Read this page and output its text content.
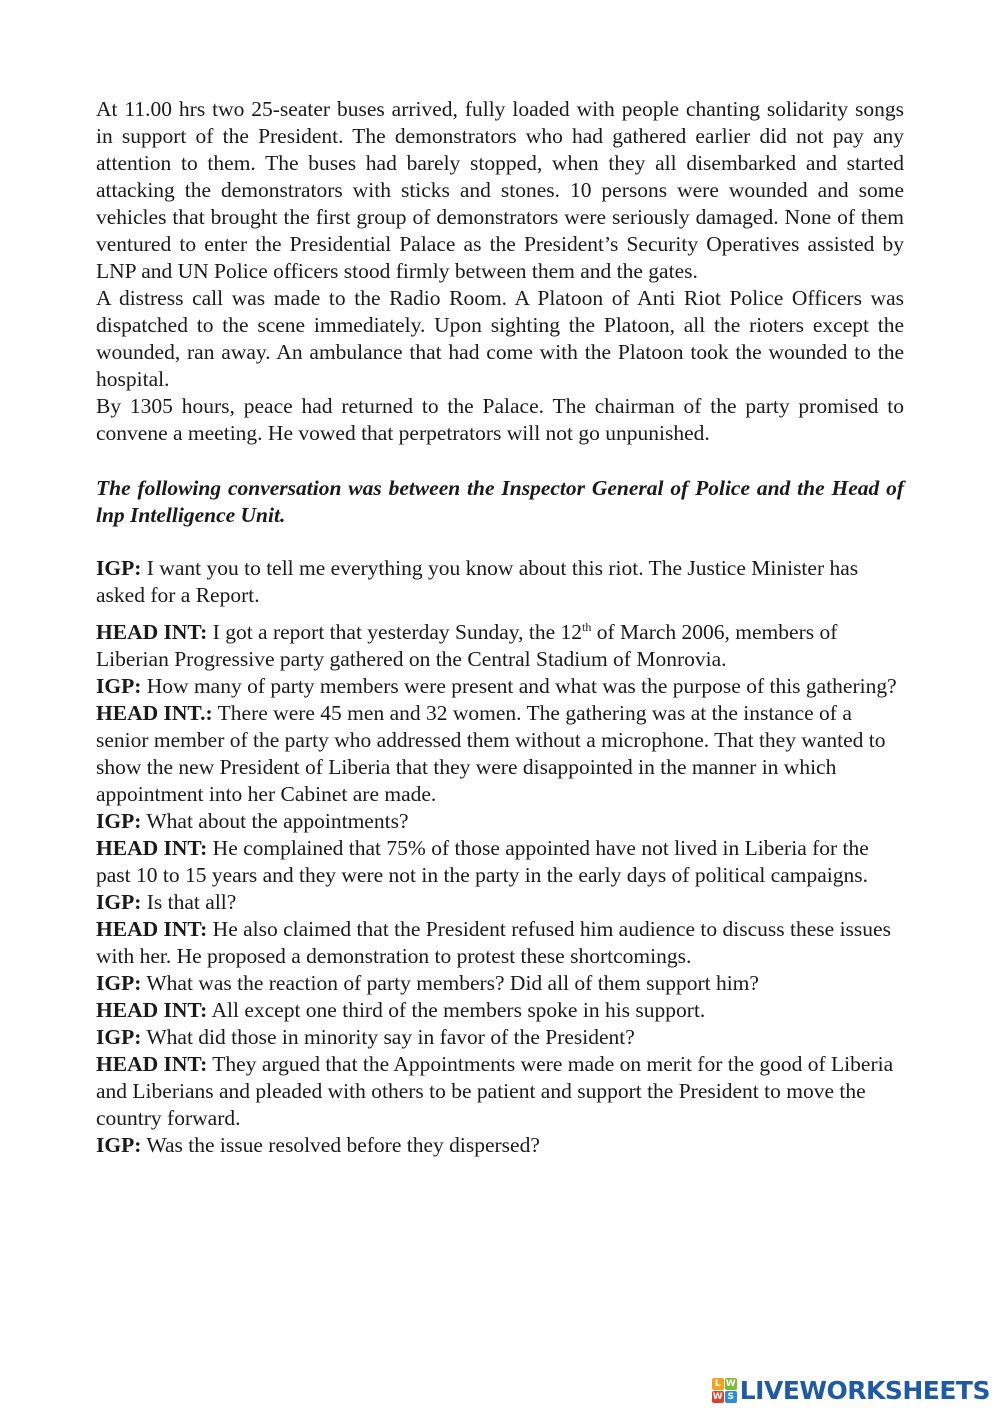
At 11.00 hrs two 25-seater buses arrived, fully loaded with people chanting solidarity songs in support of the President. The demonstrators who had gathered earlier did not pay any attention to them. The buses had barely stopped, when they all disembarked and started attacking the demonstrators with sticks and stones. 10 persons were wounded and some vehicles that brought the first group of demonstrators were seriously damaged. None of them ventured to enter the Presidential Palace as the President’s Security Operatives assisted by LNP and UN Police officers stood firmly between them and the gates.

A distress call was made to the Radio Room. A Platoon of Anti Riot Police Officers was dispatched to the scene immediately. Upon sighting the Platoon, all the rioters except the wounded, ran away. An ambulance that had come with the Platoon took the wounded to the hospital.

By 1305 hours, peace had returned to the Palace. The chairman of the party promised to convene a meeting. He vowed that perpetrators will not go unpunished.

The following conversation was between the Inspector General of Police and the Head of lnp Intelligence Unit.

IGP: I want you to tell me everything you know about this riot. The Justice Minister has asked for a Report.

HEAD INT: I got a report that yesterday Sunday, the 12th of March 2006, members of Liberian Progressive party gathered on the Central Stadium of Monrovia.

IGP: How many of party members were present and what was the purpose of this gathering?

HEAD INT.: There were 45 men and 32 women. The gathering was at the instance of a senior member of the party who addressed them without a microphone. That they wanted to show the new President of Liberia that they were disappointed in the manner in which appointment into her Cabinet are made.

IGP: What about the appointments?

HEAD INT: He complained that 75% of those appointed have not lived in Liberia for the past 10 to 15 years and they were not in the party in the early days of political campaigns.

IGP: Is that all?

HEAD INT: He also claimed that the President refused him audience to discuss these issues with her. He proposed a demonstration to protest these shortcomings.

IGP: What was the reaction of party members? Did all of them support him?

HEAD INT: All except one third of the members spoke in his support.

IGP: What did those in minority say in favor of the President?

HEAD INT: They argued that the Appointments were made on merit for the good of Liberia and Liberians and pleaded with others to be patient and support the President to move the country forward.

IGP: Was the issue resolved before they dispersed?

L W
W S LIVEWORKSHEETS
